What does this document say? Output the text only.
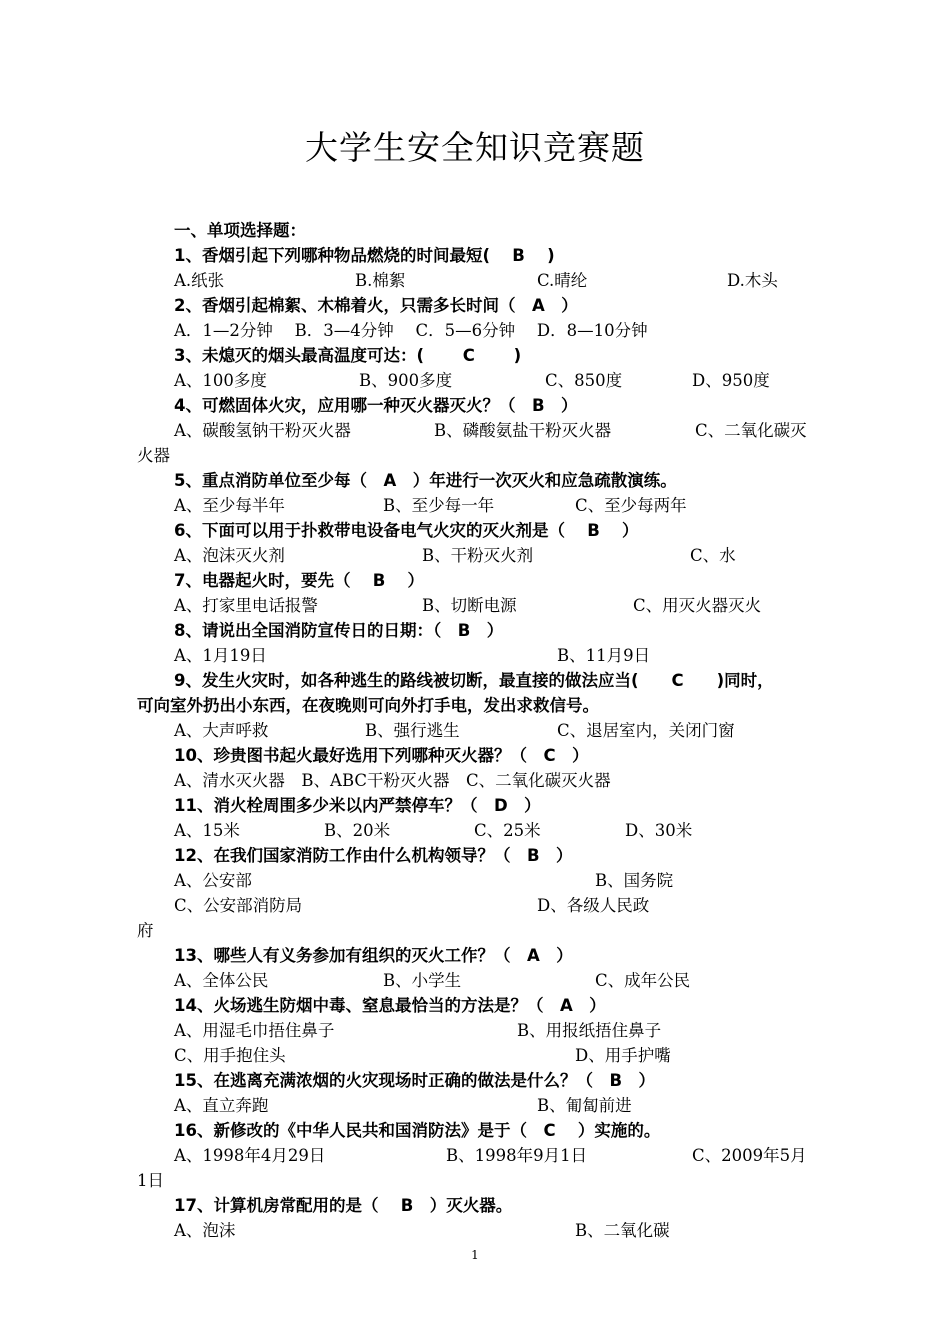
大学生安全知识竞赛题
一、单项选择题：
1、香烟引起下列哪种物品燃烧的时间最短(　 B　 )
A.纸张	B.棉絮	C.晴纶	D.木头
2、香烟引起棉絮、木棉着火，只需多长时间（　A　）
A．1—2分钟　 B．3—4分钟　 C．5—6分钟　 D．8—10分钟
3、未熄灭的烟头最高温度可达：(　　 C　　 )
A、100多度	B、900多度	C、850度	D、950度
4、可燃固体火灾，应用哪一种灭火器灭火？（　B　）
A、碳酸氢钠干粉灭火器	B、磷酸氨盐干粉灭火器	C、二氧化碳灭
火器
5、重点消防单位至少每（　A　）年进行一次灭火和应急疏散演练。
A、至少每半年	B、至少每一年	C、至少每两年
6、下面可以用于扑救带电设备电气火灾的灭火剂是（　 B　 ）
A、泡沫灭火剂	B、干粉灭火剂	C、水
7、电器起火时，要先（　 B　 ）
A、打家里电话报警	B、切断电源	C、用灭火器灭火
8、请说出全国消防宣传日的日期：（　B　）
A、1月19日	B、11月9日
9、发生火灾时，如各种逃生的路线被切断，最直接的做法应当(　　C　　)同时，
可向室外扔出小东西，在夜晚则可向外打手电，发出求救信号。
A、大声呼救	B、强行逃生	C、退居室内，关闭门窗
10、珍贵图书起火最好选用下列哪种灭火器？（　C　）
A、清水灭火器　B、ABC干粉灭火器　C、二氧化碳灭火器
11、消火栓周围多少米以内严禁停车？（　D　）
A、15米	B、20米	C、25米	D、30米
12、在我们国家消防工作由什么机构领导？（　B　）
A、公安部	B、国务院
C、公安部消防局	D、各级人民政
府
13、哪些人有义务参加有组织的灭火工作？（　A　）
A、全体公民	B、小学生	C、成年公民
14、火场逃生防烟中毒、窒息最恰当的方法是？（　A　）
A、用湿毛巾捂住鼻子	B、用报纸捂住鼻子
C、用手抱住头	D、用手护嘴
15、在逃离充满浓烟的火灾现场时正确的做法是什么？（　B　）
A、直立奔跑	B、匍匐前进
16、新修改的《中华人民共和国消防法》是于（　C　 ）实施的。
A、1998年4月29日	B、1998年9月1日	C、2009年5月
1日
17、计算机房常配用的是（　 B　）灭火器。
A、泡沫	B、二氧化碳
1
